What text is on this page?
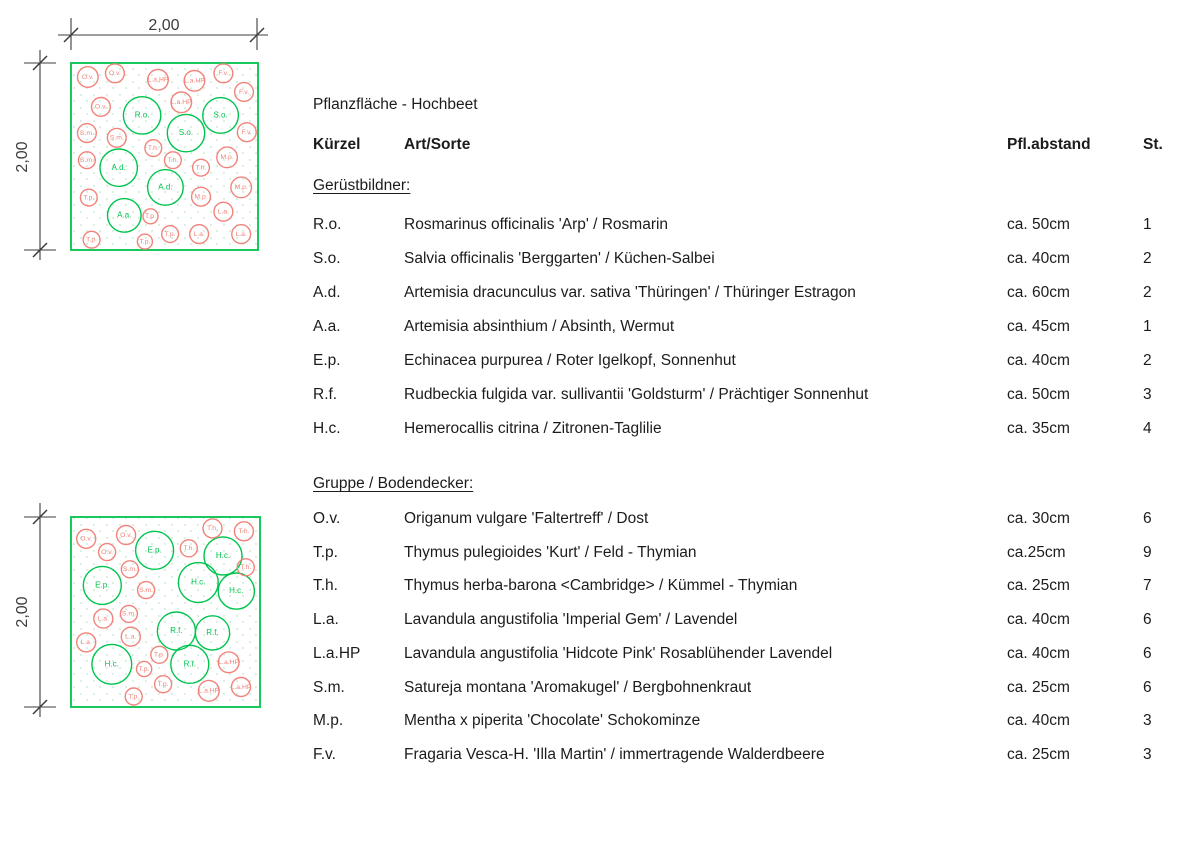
2,00
2,00
R.o.
S.o.
S.o.
A.d.
A.d.
A.a.
O.v.
O.v.
L.a.HP L.a.HP
F.v.
F.v.
O.v.
L.a.HP
S.m.
S.m.
F.v.
T.h.
T.h.	M.p.
S.m.
T.h.
M.p.
M.p.
T.p.
L.a.
T.p.
T.p.	L.a.	L.a.
T.p.	T.p.
2,00
E.p.
H.c.
E.p.	H.c.
H.c.
R.f.	R.f.
R.f.
H.c.
O.v.
O.v.
O.v.
T.h.	T.h.
T.h.
T.h.
S.m.
S.m.
S.m.
L.a.
L.a.
L.a.
T.p.
T.p.
T.p.
T.p.
L.a.HP
L.a.HP
L.a.HP
Pflanzfläche - Hochbeet
Kürzel	Art/Sorte	Pfl.abstand	St.
Gerüstbildner:
R.o.	Rosmarinus officinalis 'Arp' / Rosmarin	ca. 50cm	1
S.o.	Salvia officinalis 'Berggarten' / Küchen-Salbei	ca. 40cm	2
A.d.	Artemisia dracunculus var. sativa 'Thüringen' / Thüringer Estragon	ca. 60cm	2
A.a.	Artemisia absinthium / Absinth, Wermut	ca. 45cm	1
E.p.	Echinacea purpurea / Roter Igelkopf, Sonnenhut	ca. 40cm	2
R.f.	Rudbeckia fulgida var. sullivantii 'Goldsturm' / Prächtiger Sonnenhut	ca. 50cm	3
H.c.	Hemerocallis citrina / Zitronen-Taglilie	ca. 35cm	4
Gruppe / Bodendecker:
O.v.	Origanum vulgare 'Faltertreff' / Dost	ca. 30cm	6
T.p.	Thymus pulegioides 'Kurt' / Feld - Thymian	ca.25cm	9
T.h.	Thymus herba-barona <Cambridge> / Kümmel - Thymian	ca. 25cm	7
L.a.	Lavandula angustifolia 'Imperial Gem' / Lavendel	ca. 40cm	6
L.a.HP	Lavandula angustifolia 'Hidcote Pink' Rosablühender Lavendel	ca. 40cm	6
S.m.	Satureja montana 'Aromakugel' / Bergbohnenkraut	ca. 25cm	6
M.p.	Mentha x piperita 'Chocolate' Schokominze	ca. 40cm	3
F.v.	Fragaria Vesca-H. 'Illa Martin' / immertragende Walderdbeere	ca. 25cm	3
